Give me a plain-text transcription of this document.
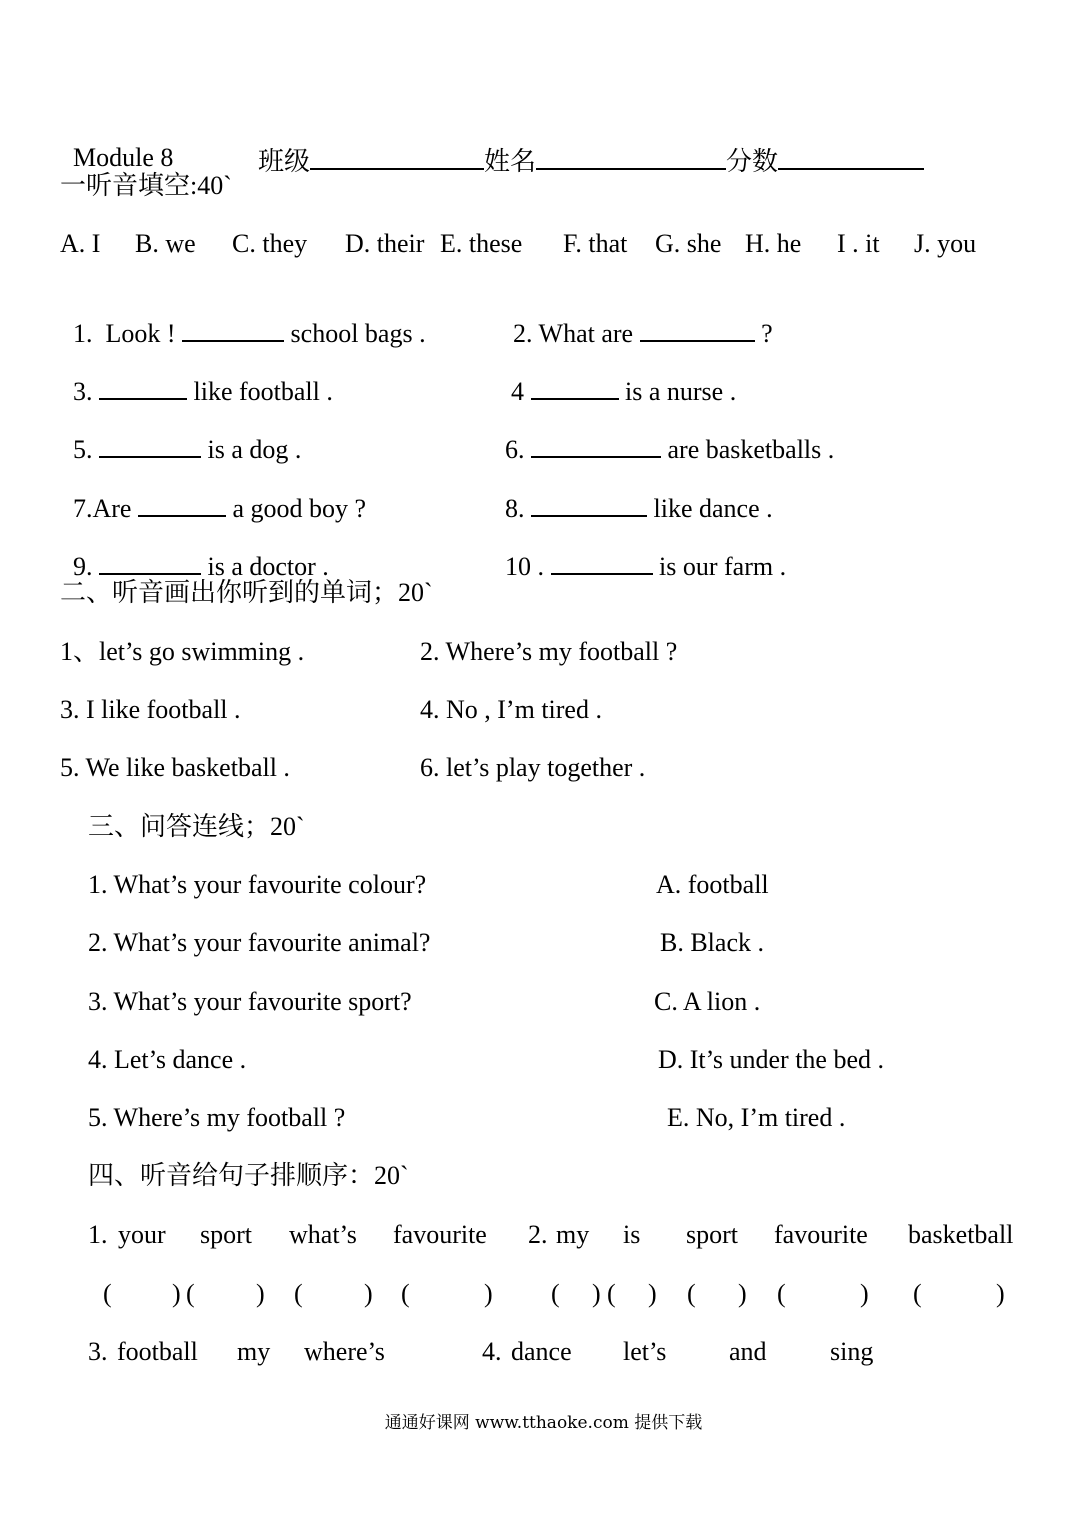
Module 8	班级	姓名	分数

一听音填空:40`
A. I B. we C. they D. their E. these F. that G. she H. he I . it J. you

1.  Look !	school bags .	2. What are	?

3.	like football .	4	is a nurse .

5.	is a dog .	6.	are basketballs .

7.Are	a good boy ?	8.	like dance .

9.	is a doctor .	10 .	is our farm .

二、听音画出你听到的单词；20`
1、let’s go swimming .	2. Where’s my football ?
3. I like football .	4. No , I’m tired .
5. We like basketball .	6. let’s play together .
三、问答连线；20`
1. What’s your favourite colour?	A. football
2. What’s your favourite animal?	B. Black .
3. What’s your favourite sport?	C. A lion .
4. Let’s dance .	D. It’s under the bed .
5. Where’s my football ?	E. No, I’m tired .
四、听音给句子排顺序：20`
1. your sport what’s favourite 2. my is sport favourite basketball
( ) ( ) ( ) (	) ( ) ( ) ( ) (	) (	)
3. football my where’s	4. dance let’s and sing
通通好课网 www.tthaoke.com 提供下载
